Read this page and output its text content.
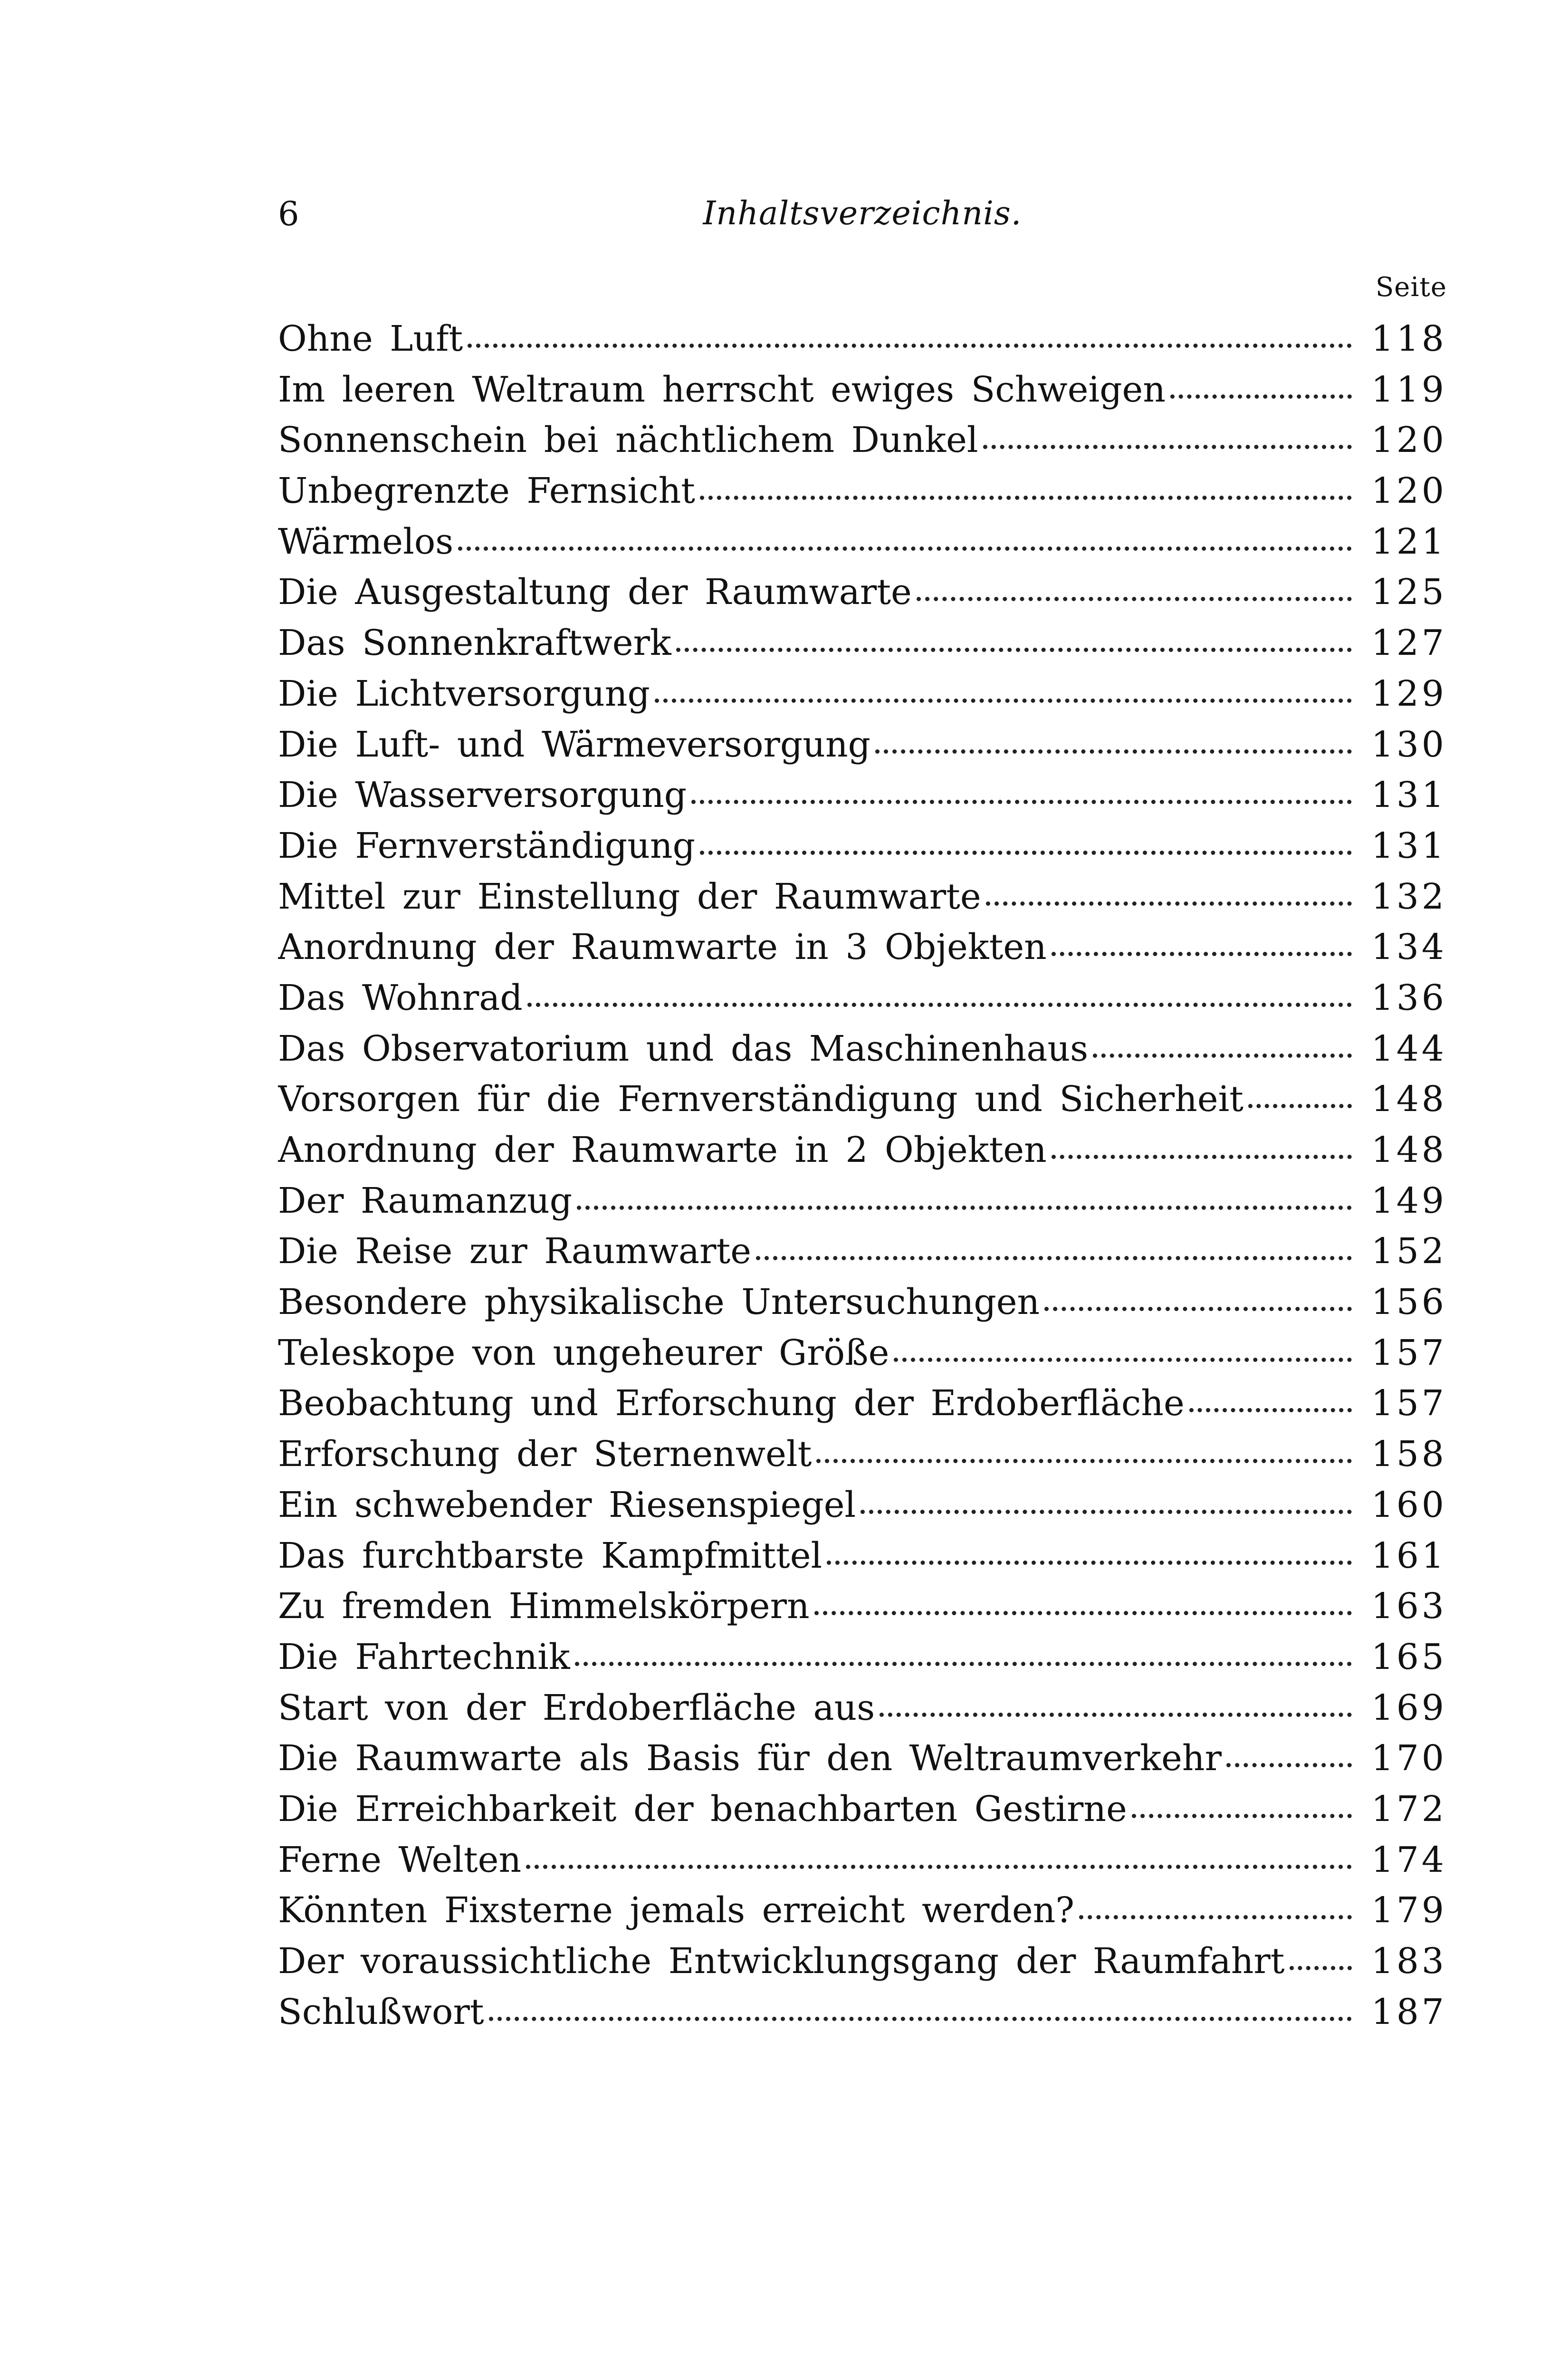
6	Inhaltsverzeichnis.
Seite
Ohne Luft	118
Im leeren Weltraum herrscht ewiges Schweigen	119
Sonnenschein bei nächtlichem Dunkel	120
Unbegrenzte Fernsicht	120
Wärmelos	121
Die Ausgestaltung der Raumwarte	125
Das Sonnenkraftwerk	127
Die Lichtversorgung	129
Die Luft- und Wärmeversorgung	130
Die Wasserversorgung	131
Die Fernverständigung	131
Mittel zur Einstellung der Raumwarte	132
Anordnung der Raumwarte in 3 Objekten	134
Das Wohnrad	136
Das Observatorium und das Maschinenhaus	144
Vorsorgen für die Fernverständigung und Sicherheit	148
Anordnung der Raumwarte in 2 Objekten	148
Der Raumanzug	149
Die Reise zur Raumwarte	152
Besondere physikalische Untersuchungen	156
Teleskope von ungeheurer Größe	157
Beobachtung und Erforschung der Erdoberfläche	157
Erforschung der Sternenwelt	158
Ein schwebender Riesenspiegel	160
Das furchtbarste Kampfmittel	161
Zu fremden Himmelskörpern	163
Die Fahrtechnik	165
Start von der Erdoberfläche aus	169
Die Raumwarte als Basis für den Weltraumverkehr	170
Die Erreichbarkeit der benachbarten Gestirne	172
Ferne Welten	174
Könnten Fixsterne jemals erreicht werden?	179
Der voraussichtliche Entwicklungsgang der Raumfahrt 183
Schlußwort	187
